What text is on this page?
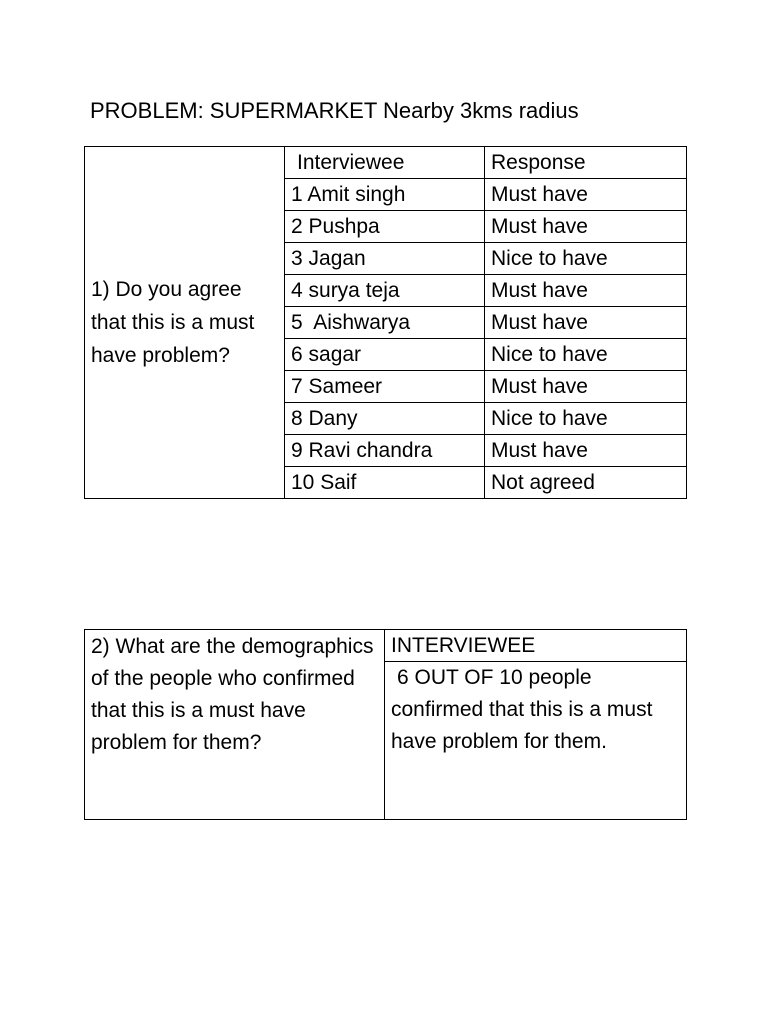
PROBLEM: SUPERMARKET Nearby 3kms radius
1) Do you agree that this is a must have problem?	Interviewee	Response
	1 Amit singh	Must have
	2 Pushpa	Must have
	3 Jagan	Nice to have
	4 surya teja	Must have
	5  Aishwarya	Must have
	6 sagar	Nice to have
	7 Sameer	Must have
	8 Dany	Nice to have
	9 Ravi chandra	Must have
	10 Saif	Not agreed
2) What are the demographics of the people who confirmed that this is a must have problem for them?	INTERVIEWEE
6 OUT OF 10 people confirmed that this is a must have problem for them.
